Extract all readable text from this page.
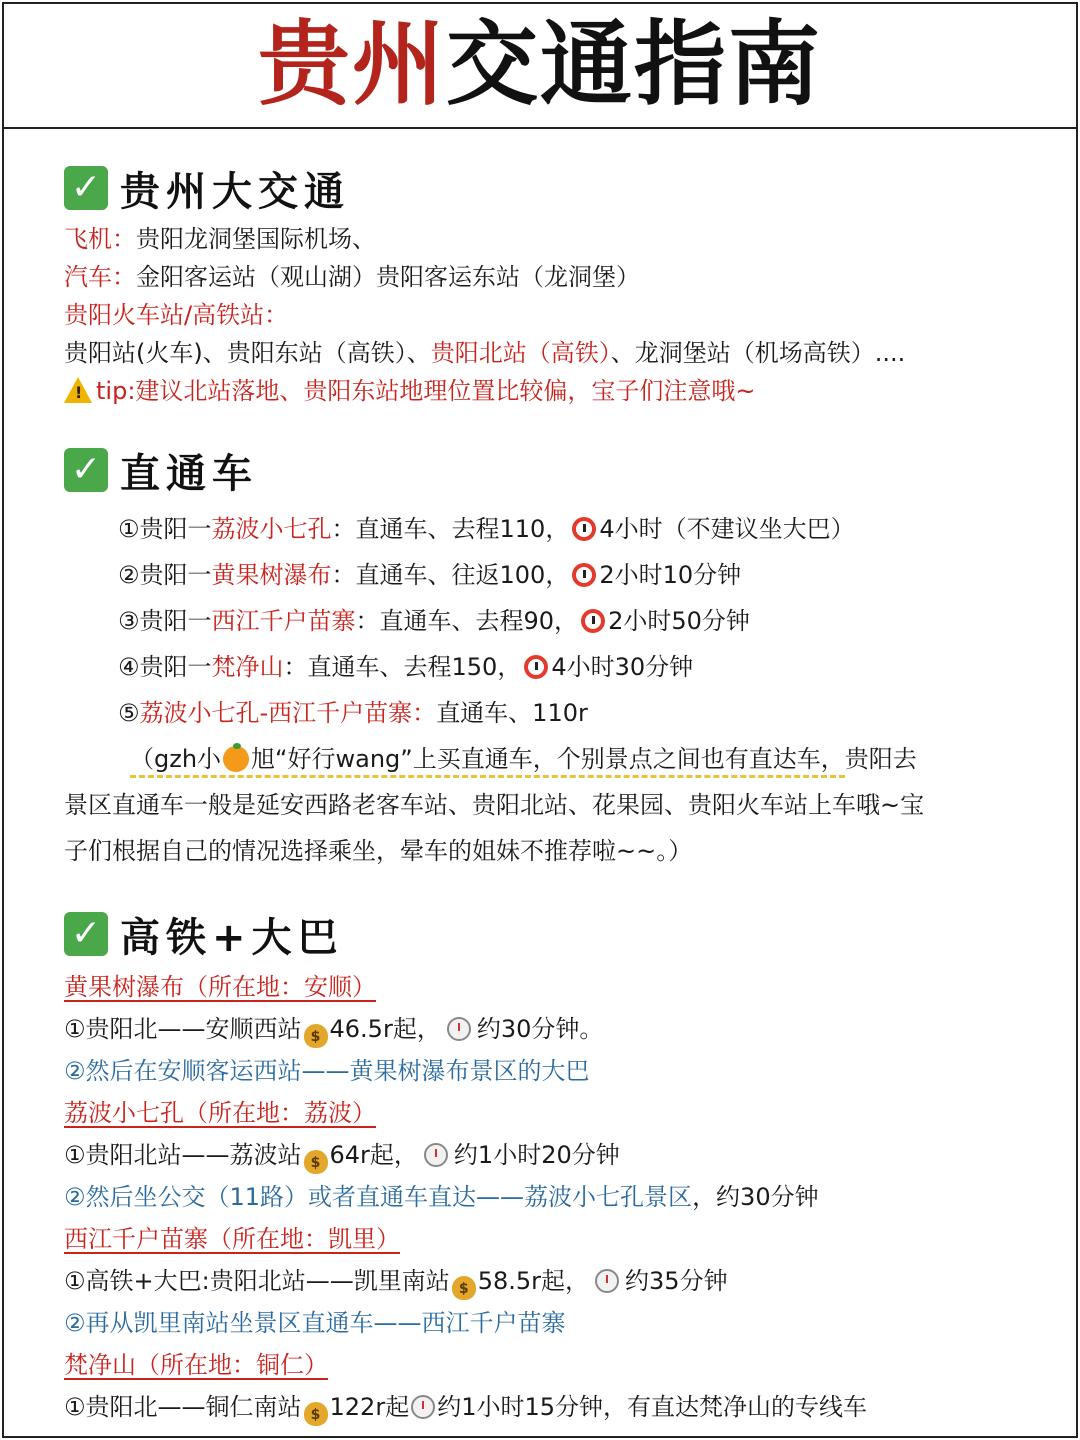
贵州交通指南
✓ 贵州大交通
飞机：贵阳龙洞堡国际机场、
汽车：金阳客运站（观山湖）贵阳客运东站（龙洞堡）
贵阳火车站/高铁站：
贵阳站(火车)、贵阳东站（高铁）、贵阳北站（高铁）、龙洞堡站（机场高铁）....
! tip:建议北站落地、贵阳东站地理位置比较偏，宝子们注意哦~
✓ 直通车
①贵阳一荔波小七孔：直通车、去程110， 4小时（不建议坐大巴）
②贵阳一黄果树瀑布：直通车、往返100， 2小时10分钟
③贵阳一西江千户苗寨：直通车、去程90， 2小时50分钟
④贵阳一梵净山：直通车、去程150， 4小时30分钟
⑤荔波小七孔-西江千户苗寨：直通车、110r
（gzh小 旭“好行wang”上买直通车，个别景点之间也有直达车，贵阳去
景区直通车一般是延安西路老客车站、贵阳北站、花果园、贵阳火车站上车哦~宝
子们根据自己的情况选择乘坐，晕车的姐妹不推荐啦~~。）
✓ 高铁+大巴
黄果树瀑布（所在地：安顺）
①贵阳北——安顺西站 $ 46.5r起， 约30分钟。
②然后在安顺客运西站——黄果树瀑布景区的大巴
荔波小七孔（所在地：荔波）
①贵阳北站——荔波站 $ 64r起， 约1小时20分钟
②然后坐公交（11路）或者直通车直达——荔波小七孔景区，约30分钟
西江千户苗寨（所在地：凯里）
①高铁+大巴:贵阳北站——凯里南站 $ 58.5r起， 约35分钟
②再从凯里南站坐景区直通车——西江千户苗寨
梵净山（所在地：铜仁）
①贵阳北——铜仁南站 $ 122r起 约1小时15分钟，有直达梵净山的专线车
